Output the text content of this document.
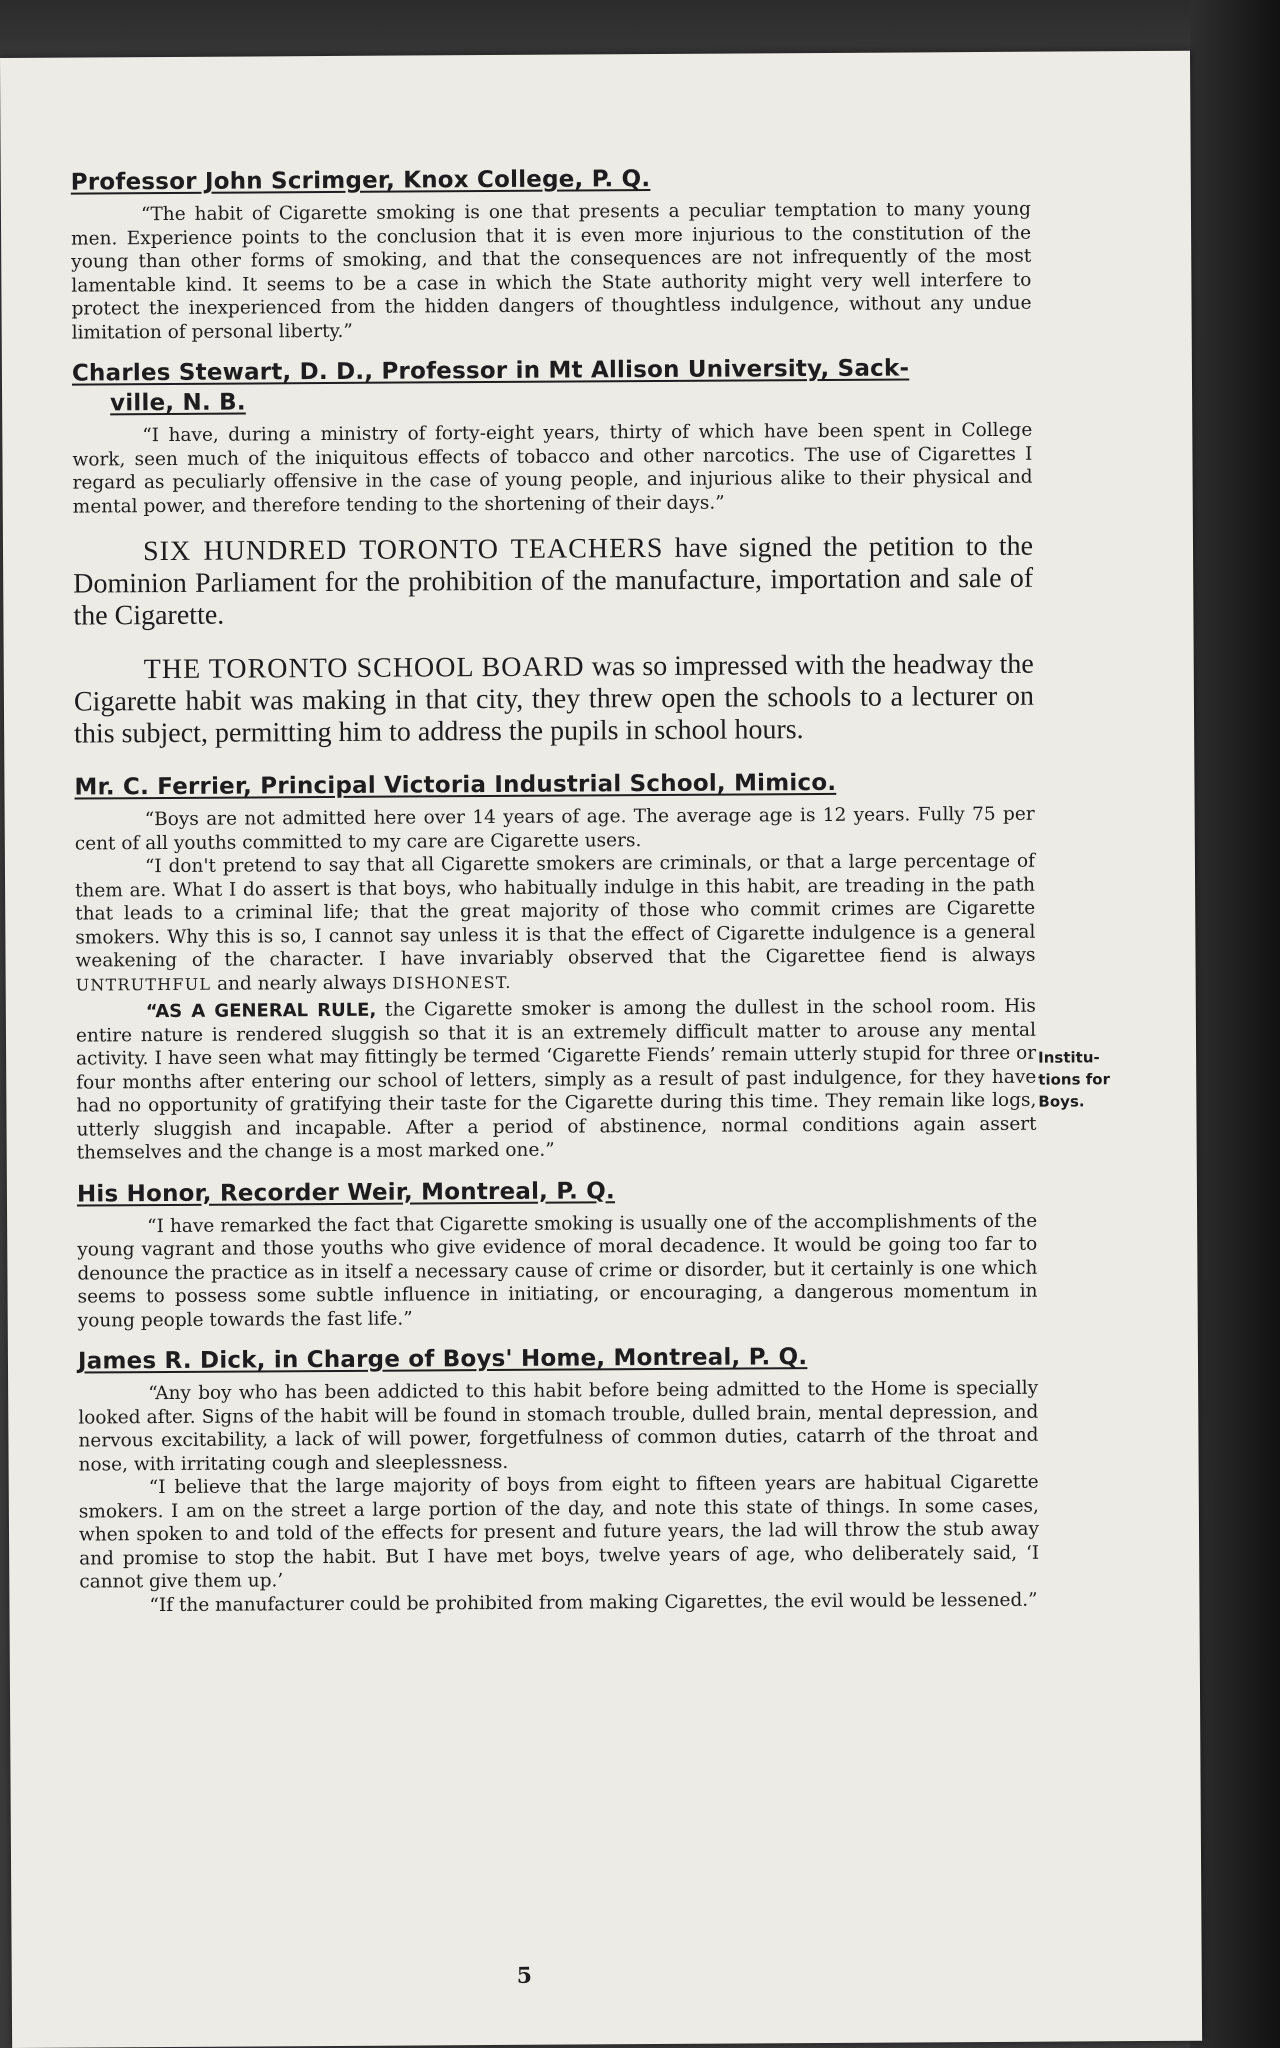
Professor John Scrimger, Knox College, P. Q.

“The habit of Cigarette smoking is one that presents a peculiar temptation to many young men. Experience points to the conclusion that it is even more injurious to the constitution of the young than other forms of smoking, and that the consequences are not infrequently of the most lamentable kind. It seems to be a case in which the State authority might very well interfere to protect the inexperienced from the hidden dangers of thoughtless indulgence, without any undue limitation of personal liberty.”

Charles Stewart, D. D., Professor in Mt Allison University, Sack-
ville, N. B.

“I have, during a ministry of forty-eight years, thirty of which have been spent in College work, seen much of the iniquitous effects of tobacco and other narcotics. The use of Cigarettes I regard as peculiarly offensive in the case of young people, and injurious alike to their physical and mental power, and therefore tending to the shortening of their days.”

SIX HUNDRED TORONTO TEACHERS have signed the petition to the Dominion Parliament for the prohibition of the manufacture, importation and sale of the Cigarette.

THE TORONTO SCHOOL BOARD was so impressed with the headway the Cigarette habit was making in that city, they threw open the schools to a lecturer on this subject, permitting him to address the pupils in school hours.

Mr. C. Ferrier, Principal Victoria Industrial School, Mimico.

“Boys are not admitted here over 14 years of age. The average age is 12 years. Fully 75 per cent of all youths committed to my care are Cigarette users.

“I don't pretend to say that all Cigarette smokers are criminals, or that a large percentage of them are. What I do assert is that boys, who habitually indulge in this habit, are treading in the path that leads to a criminal life; that the great majority of those who commit crimes are Cigarette smokers. Why this is so, I cannot say unless it is that the effect of Cigarette indulgence is a general weakening of the character. I have invariably observed that the Cigarettee fiend is always UNTRUTHFUL and nearly always DISHONEST.

“AS A GENERAL RULE, the Cigarette smoker is among the dullest in the school room. His entire nature is rendered sluggish so that it is an extremely difficult matter to arouse any mental activity. I have seen what may fittingly be termed ‘Cigarette Fiends’ remain utterly stupid for three or four months after entering our school of letters, simply as a result of past indulgence, for they have had no opportunity of gratifying their taste for the Cigarette during this time. They remain like logs, utterly sluggish and incapable. After a period of abstinence, normal conditions again assert themselves and the change is a most marked one.”

His Honor, Recorder Weir, Montreal, P. Q.

“I have remarked the fact that Cigarette smoking is usually one of the accomplishments of the young vagrant and those youths who give evidence of moral decadence. It would be going too far to denounce the practice as in itself a necessary cause of crime or disorder, but it certainly is one which seems to possess some subtle influence in initiating, or encouraging, a dangerous momentum in young people towards the fast life.”

James R. Dick, in Charge of Boys' Home, Montreal, P. Q.

“Any boy who has been addicted to this habit before being admitted to the Home is specially looked after. Signs of the habit will be found in stomach trouble, dulled brain, mental depression, and nervous excitability, a lack of will power, forgetfulness of common duties, catarrh of the throat and nose, with irritating cough and sleeplessness.

“I believe that the large majority of boys from eight to fifteen years are habitual Cigarette smokers. I am on the street a large portion of the day, and note this state of things. In some cases, when spoken to and told of the effects for present and future years, the lad will throw the stub away and promise to stop the habit. But I have met boys, twelve years of age, who deliberately said, ‘I cannot give them up.’

“If the manufacturer could be prohibited from making Cigarettes, the evil would be lessened.”

Institu-
tions for
Boys.
5
